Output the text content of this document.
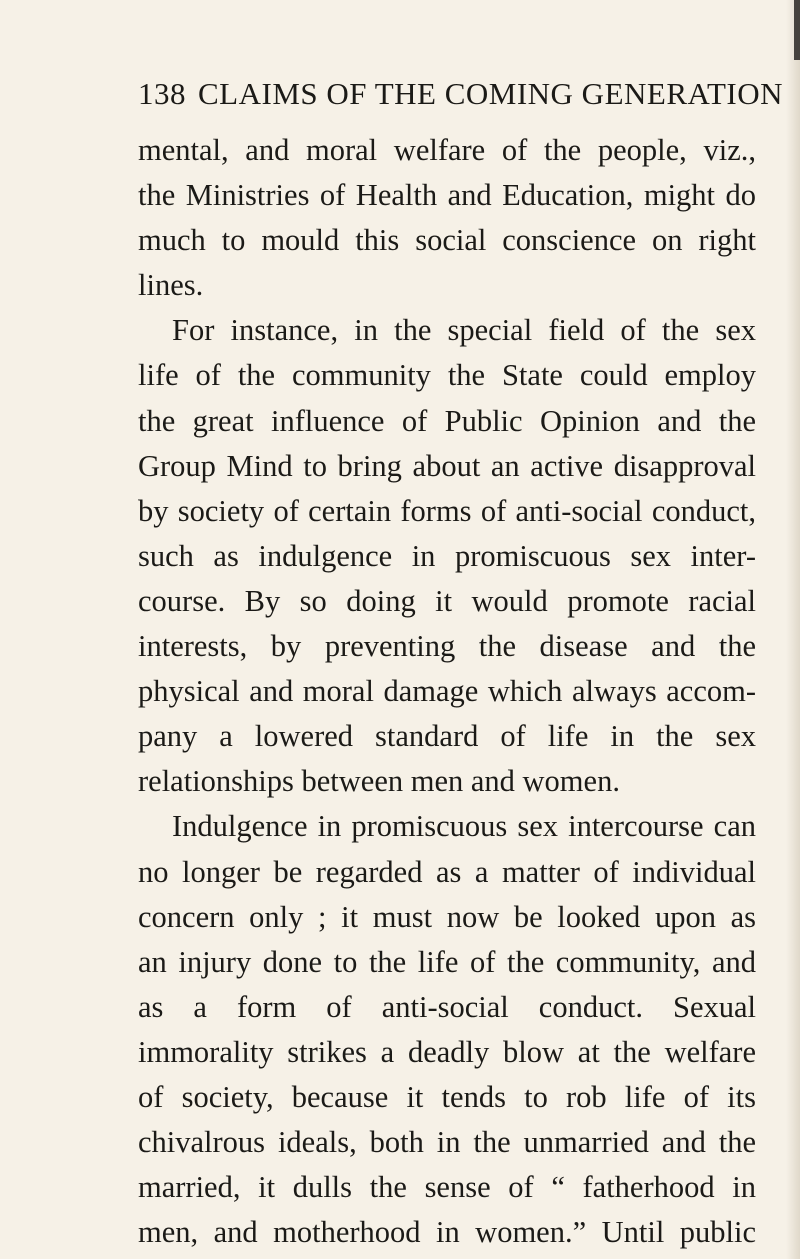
138 CLAIMS OF THE COMING GENERATION
mental, and moral welfare of the people, viz.,
the Ministries of Health and Education, might do
much to mould this social conscience on right
lines.
For instance, in the special field of the sex
life of the community the State could employ
the great influence of Public Opinion and the
Group Mind to bring about an active disapproval
by society of certain forms of anti-social conduct,
such as indulgence in promiscuous sex inter-
course. By so doing it would promote racial
interests, by preventing the disease and the
physical and moral damage which always accom-
pany a lowered standard of life in the sex
relationships between men and women.
Indulgence in promiscuous sex intercourse can
no longer be regarded as a matter of individual
concern only ; it must now be looked upon as
an injury done to the life of the community, and
as a form of anti-social conduct. Sexual
immorality strikes a deadly blow at the welfare
of society, because it tends to rob life of its
chivalrous ideals, both in the unmarried and the
married, it dulls the sense of “ fatherhood in
men, and motherhood in women.” Until public
